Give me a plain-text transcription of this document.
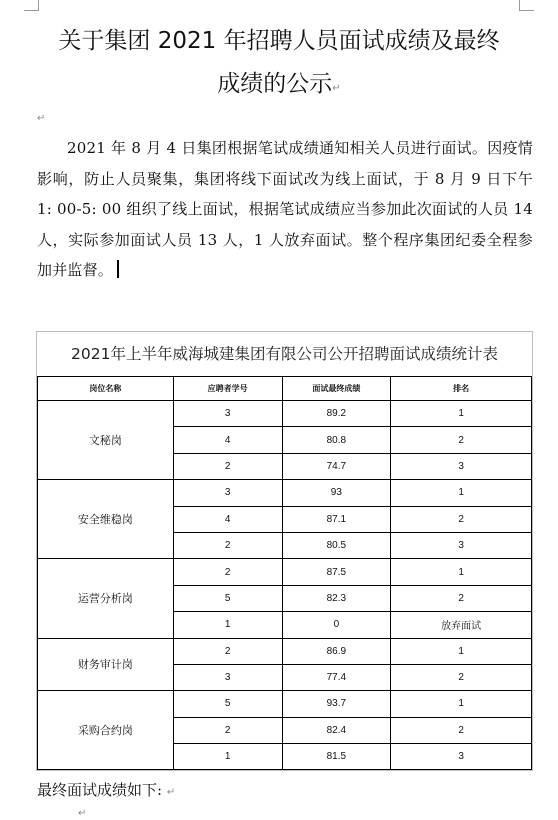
关于集团 2021 年招聘人员面试成绩及最终
成绩的公示↵
↵
2021 年 8 月 4 日集团根据笔试成绩通知相关人员进行面试。因疫情影响，防止人员聚集，集团将线下面试改为线上面试，于 8 月 9 日下午 1: 00-5: 00 组织了线上面试，根据笔试成绩应当参加此次面试的人员 14 人，实际参加面试人员 13 人，1 人放弃面试。整个程序集团纪委全程参加并监督。
2021年上半年威海城建集团有限公司公开招聘面试成绩统计表
岗位名称	应聘者学号	面试最终成绩	排名
文秘岗	3	89.2	1
	4	80.8	2
	2	74.7	3
安全维稳岗	3	93	1
	4	87.1	2
	2	80.5	3
运营分析岗	2	87.5	1
	5	82.3	2
	1	0	放弃面试
财务审计岗	2	86.9	1
	3	77.4	2
采购合约岗	5	93.7	1
	2	82.4	2
	1	81.5	3
最终面试成绩如下: ↵
↵
